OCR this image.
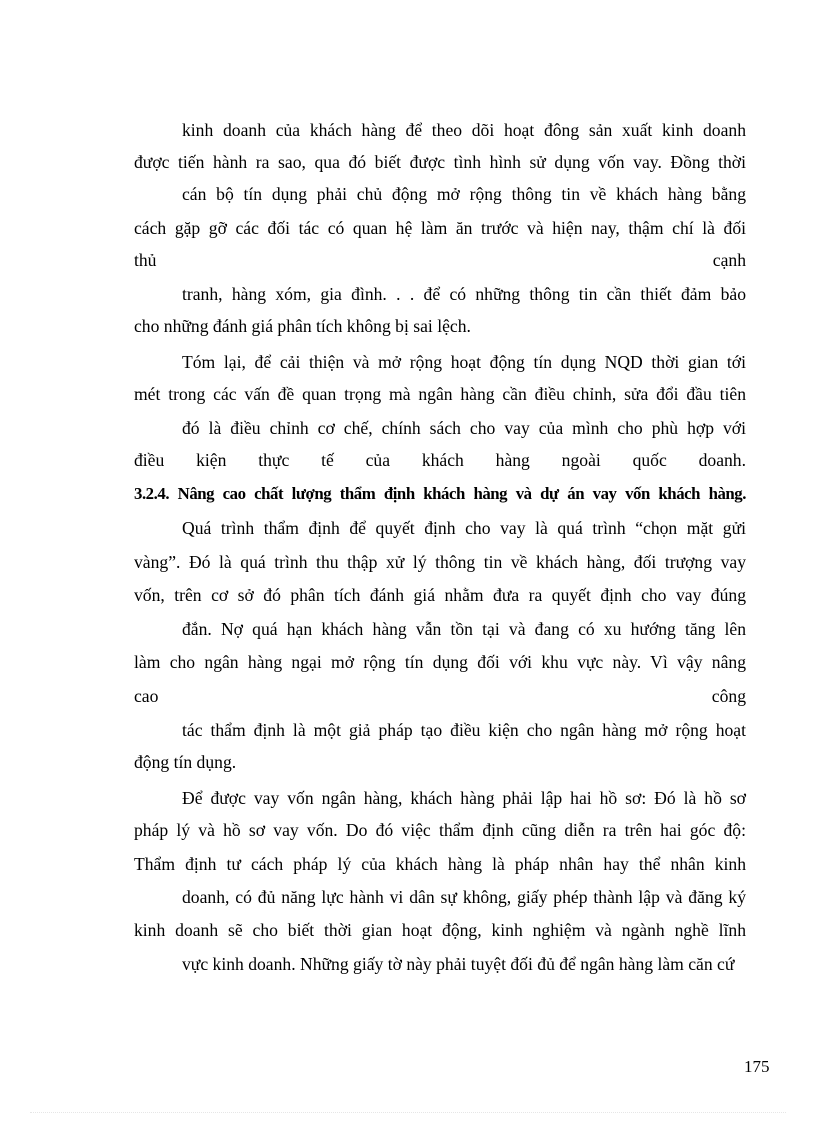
kinh doanh của khách hàng để theo dõi hoạt đông sản xuất kinh doanh
được tiến hành ra sao, qua đó biết được tình hình sử dụng vốn vay. Đồng thời
cán bộ tín dụng phải chủ động mở rộng thông tin về khách hàng bằng
cách gặp gỡ các đối tác có quan hệ làm ăn trước và hiện nay, thậm chí là đối
thủ	cạnh
tranh, hàng xóm, gia đình. . . để có những thông tin cần thiết đảm bảo
cho những đánh giá phân tích không bị sai lệch.
Tóm lại, để cải thiện và mở rộng hoạt động tín dụng NQD thời gian tới
mét trong các vấn đề quan trọng mà ngân hàng cần điều chỉnh, sửa đổi đầu tiên
đó là điều chỉnh cơ chế, chính sách cho vay của mình cho phù hợp với
điều kiện thực tế của khách hàng ngoài quốc doanh.
3.2.4. Nâng cao chất lượng thẩm định khách hàng và dự án vay vốn khách hàng.
Quá trình thẩm định để quyết định cho vay là quá trình “chọn mặt gửi
vàng”. Đó là quá trình thu thập xử lý thông tin về khách hàng, đối trượng vay
vốn, trên cơ sở đó phân tích đánh giá nhằm đưa ra quyết định cho vay đúng
đắn. Nợ quá hạn khách hàng vẫn tồn tại và đang có xu hướng tăng lên
làm cho ngân hàng ngại mở rộng tín dụng đối với khu vực này. Vì vậy nâng
cao	công
tác thẩm định là một giả pháp tạo điều kiện cho ngân hàng mở rộng hoạt
động tín dụng.
Để được vay vốn ngân hàng, khách hàng phải lập hai hồ sơ: Đó là hồ sơ
pháp lý và hồ sơ vay vốn. Do đó việc thẩm định cũng diễn ra trên hai góc độ:
Thẩm định tư cách pháp lý của khách hàng là pháp nhân hay thể nhân kinh
doanh, có đủ năng lực hành vi dân sự không, giấy phép thành lập và đăng ký
kinh doanh sẽ cho biết thời gian hoạt động, kinh nghiệm và ngành nghề lĩnh
vực kinh doanh. Những giấy tờ này phải tuyệt đối đủ để ngân hàng làm căn cứ
175
